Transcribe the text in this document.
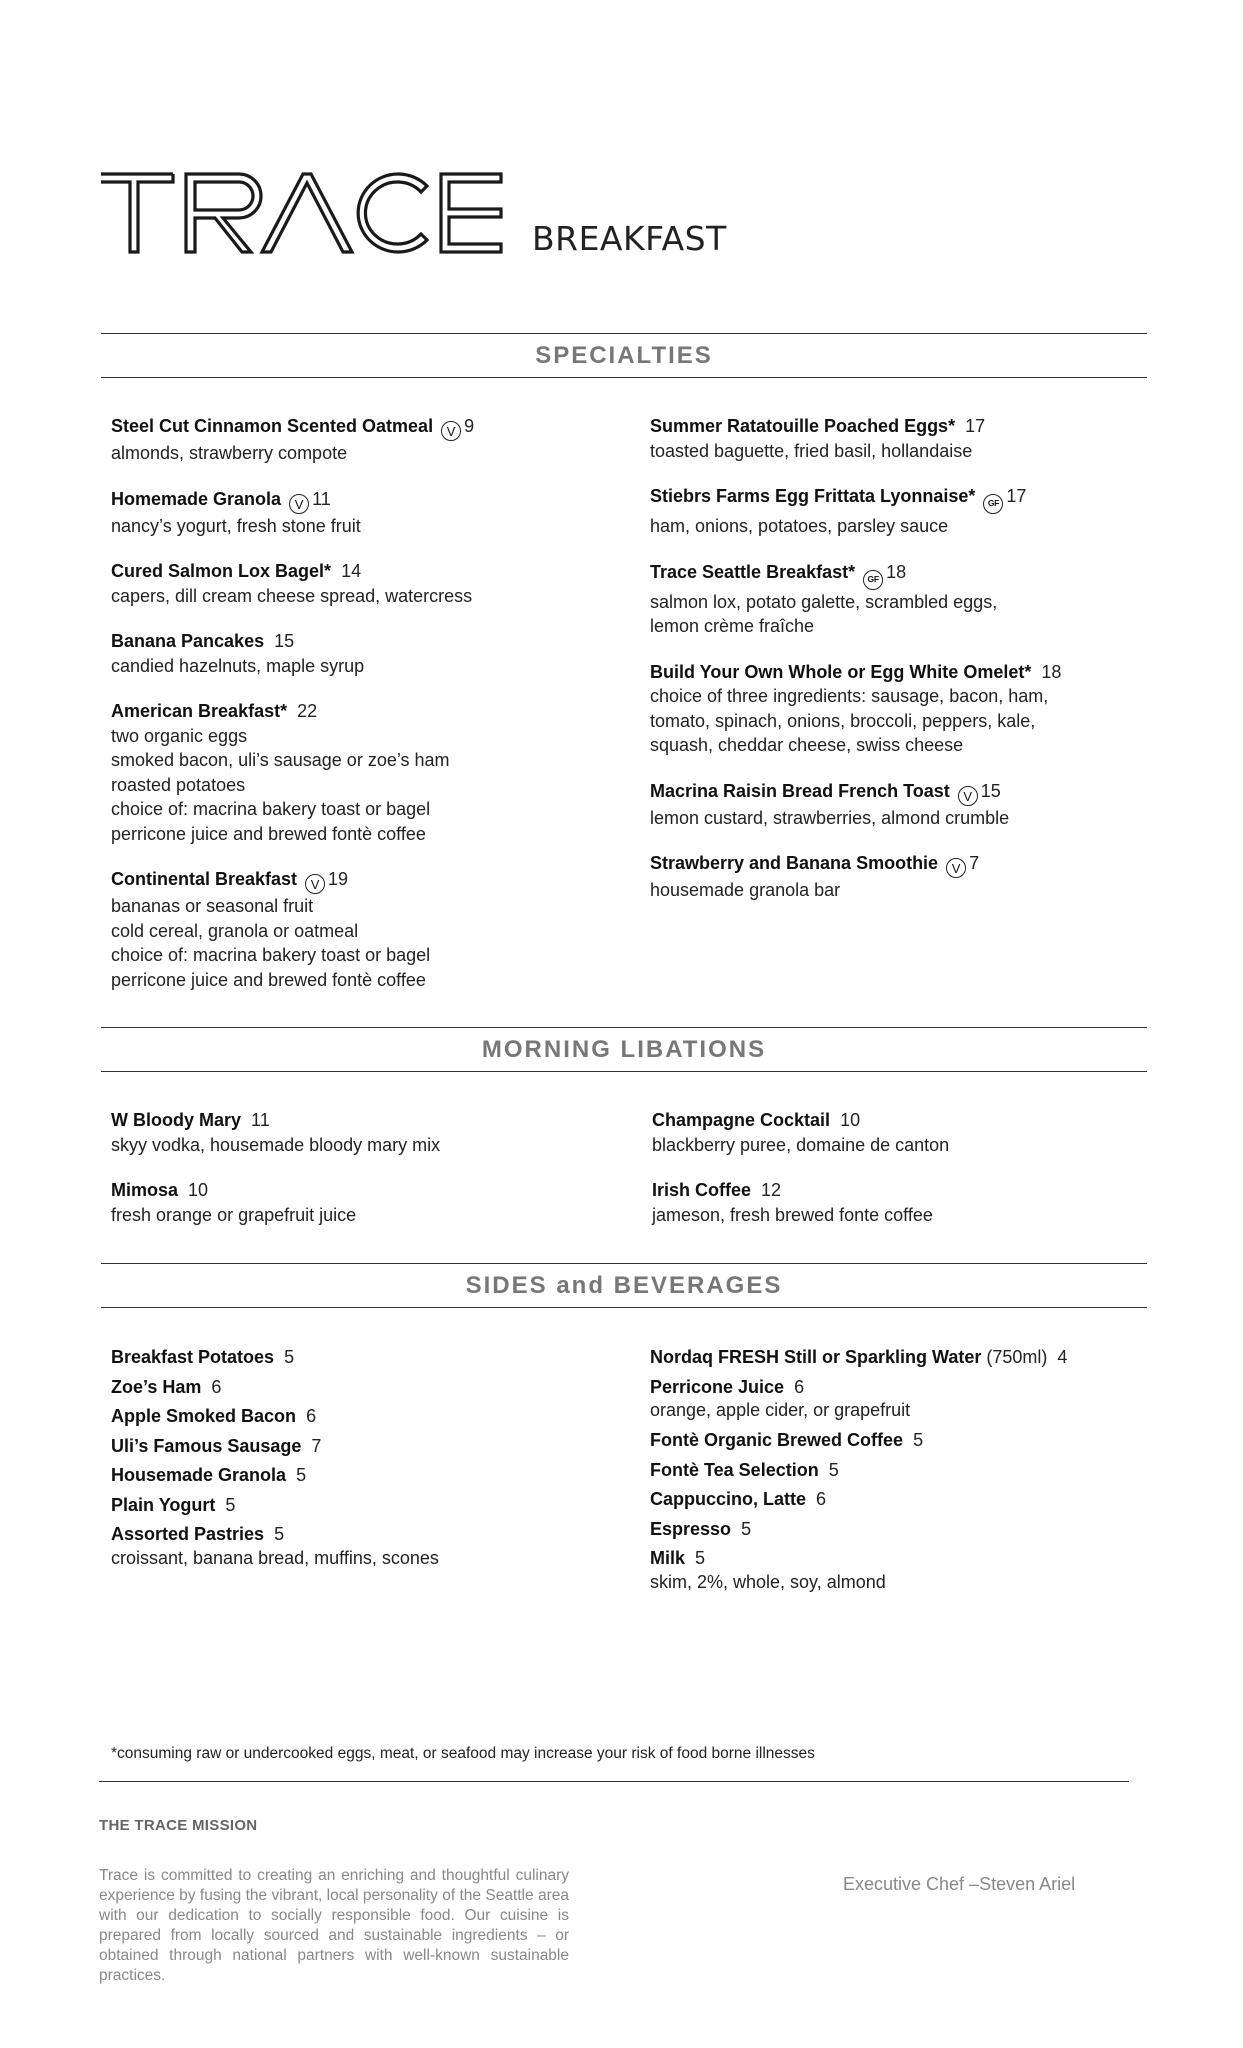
BREAKFAST
SPECIALTIES
Steel Cut Cinnamon Scented Oatmeal V 9
almonds, strawberry compote
Homemade Granola V 11
nancy’s yogurt, fresh stone fruit
Cured Salmon Lox Bagel* 14
capers, dill cream cheese spread, watercress
Banana Pancakes 15
candied hazelnuts, maple syrup
American Breakfast* 22
two organic eggs
smoked bacon, uli’s sausage or zoe’s ham
roasted potatoes
choice of: macrina bakery toast or bagel
perricone juice and brewed fontè coffee
Continental Breakfast V 19
bananas or seasonal fruit
cold cereal, granola or oatmeal
choice of: macrina bakery toast or bagel
perricone juice and brewed fontè coffee
Summer Ratatouille Poached Eggs* 17
toasted baguette, fried basil, hollandaise
Stiebrs Farms Egg Frittata Lyonnaise* GF 17
ham, onions, potatoes, parsley sauce
Trace Seattle Breakfast* GF 18
salmon lox, potato galette, scrambled eggs,
lemon crème fraîche
Build Your Own Whole or Egg White Omelet* 18
choice of three ingredients: sausage, bacon, ham,
tomato, spinach, onions, broccoli, peppers, kale,
squash, cheddar cheese, swiss cheese
Macrina Raisin Bread French Toast V 15
lemon custard, strawberries, almond crumble
Strawberry and Banana Smoothie V 7
housemade granola bar
MORNING LIBATIONS
W Bloody Mary 11
skyy vodka, housemade bloody mary mix
Mimosa 10
fresh orange or grapefruit juice
Champagne Cocktail 10
blackberry puree, domaine de canton
Irish Coffee 12
jameson, fresh brewed fonte coffee
SIDES and BEVERAGES
Breakfast Potatoes 5
Zoe’s Ham 6
Apple Smoked Bacon 6
Uli’s Famous Sausage 7
Housemade Granola 5
Plain Yogurt 5
Assorted Pastries 5
croissant, banana bread, muffins, scones
Nordaq FRESH Still or Sparkling Water (750ml) 4
Perricone Juice 6
orange, apple cider, or grapefruit
Fontè Organic Brewed Coffee 5
Fontè Tea Selection 5
Cappuccino, Latte 6
Espresso 5
Milk 5
skim, 2%, whole, soy, almond
*consuming raw or undercooked eggs, meat, or seafood may increase your risk of food borne illnesses
THE TRACE MISSION
Trace is committed to creating an enriching and thoughtful culinary experience by fusing the vibrant, local personality of the Seattle area with our dedication to socially responsible food. Our cuisine is prepared from locally sourced and sustainable ingredients – or obtained through national partners with well-known sustainable practices.
Executive Chef –Steven Ariel
